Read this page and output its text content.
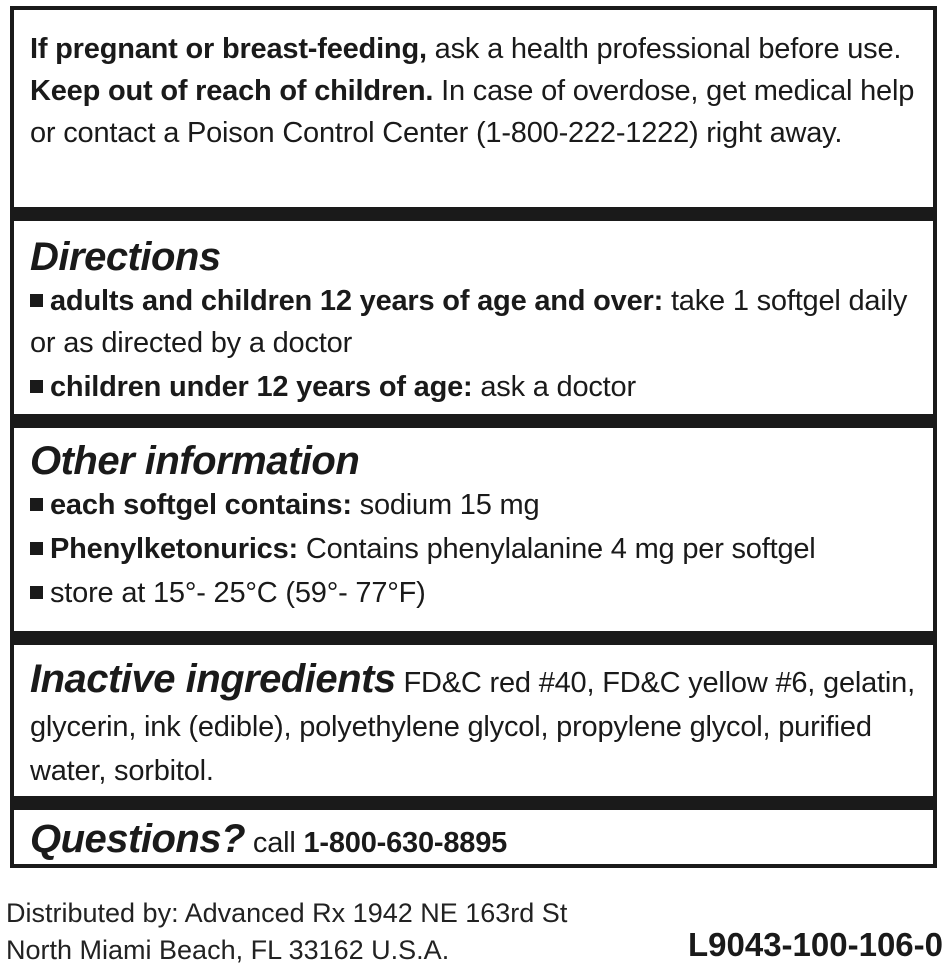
If pregnant or breast-feeding, ask a health professional before use. Keep out of reach of children. In case of overdose, get medical help or contact a Poison Control Center (1-800-222-1222) right away.
Directions
adults and children 12 years of age and over: take 1 softgel daily or as directed by a doctor
children under 12 years of age: ask a doctor
Other information
each softgel contains: sodium 15 mg
Phenylketonurics: Contains phenylalanine 4 mg per softgel
store at 15°- 25°C (59°- 77°F)
Inactive ingredients FD&C red #40, FD&C yellow #6, gelatin, glycerin, ink (edible), polyethylene glycol, propylene glycol, purified water, sorbitol.
Questions? call 1-800-630-8895
Distributed by: Advanced Rx 1942 NE 163rd St
North Miami Beach, FL 33162 U.S.A.	L9043-100-106-0
